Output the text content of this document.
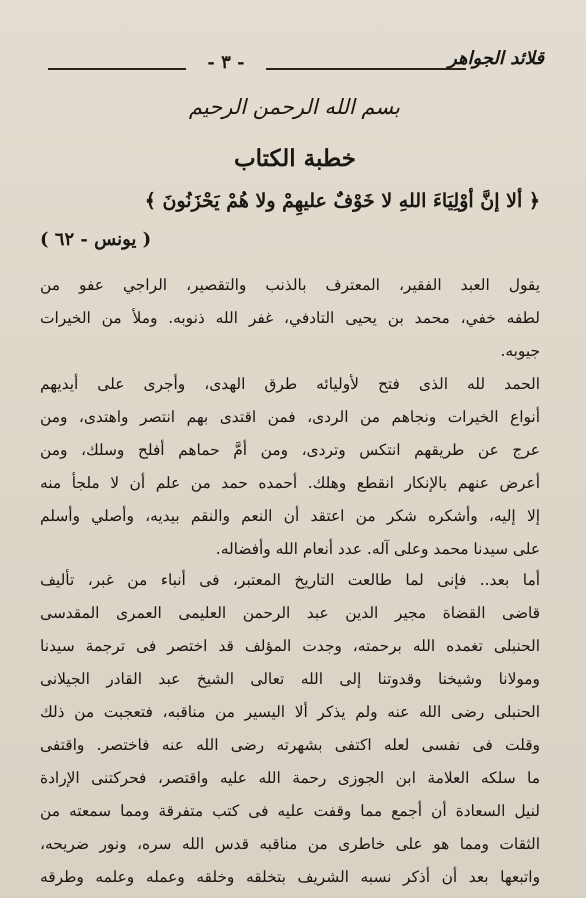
- ٣ -	قلائد الجواهر
بسم الله الرحمن الرحيم
خطبة الكتاب
﴿ ألا إنَّ أوْلِيَاءَ اللهِ لا خَوْفٌ عليهِمْ ولا هُمْ يَحْزَنُونَ ﴾
( يونس - ٦٢ )
يقول العبد الفقير، المعترف بالذنب والتقصير، الراجي عفو من
لطفه خفي، محمد بن يحيى التادفي، غفر الله ذنوبه. وملأ من الخيرات
جيوبه.
الحمد لله الذى فتح لأوليائه طرق الهدى، وأجرى على أيديهم
أنواع الخيرات ونجاهم من الردى، فمن اقتدى بهم انتصر واهتدى، ومن
عرج عن طريقهم انتكس وتردى، ومن أمَّ حماهم أفلح وسلك، ومن
أعرض عنهم بالإنكار انقطع وهلك. أحمده حمد من علم أن لا ملجأ منه
إلا إليه، وأشكره شكر من اعتقد أن النعم والنقم بيديه، وأصلي وأسلم
على سيدنا محمد وعلى آله. عدد أنعام الله وأفضاله.
أما بعد.. فإنى لما طالعت التاريخ المعتبر، فى أنباء من غبر، تأليف
قاضى القضاة مجير الدين عبد الرحمن العليمى العمرى المقدسى
الحنبلى تغمده الله برحمته، وجدت المؤلف قد اختصر فى ترجمة سيدنا
ومولانا وشيخنا وقدوتنا إلى الله تعالى الشيخ عبد القادر الجيلانى
الحنبلى رضى الله عنه ولم يذكر ألا اليسير من مناقبه، فتعجبت من ذلك
وقلت فى نفسى لعله اكتفى بشهرته رضى الله عنه فاختصر. واقتفى
ما سلكه العلامة ابن الجوزى رحمة الله عليه واقتصر، فحركتنى الإرادة
لنيل السعادة أن أجمع مما وقفت عليه فى كتب متفرقة ومما سمعته من
الثقات ومما هو على خاطرى من مناقبه قدس الله سره، ونور ضريحه،
واتبعها بعد أن أذكر نسبه الشريف بتخلقه وخلقه وعمله وعلمه وطرقه
